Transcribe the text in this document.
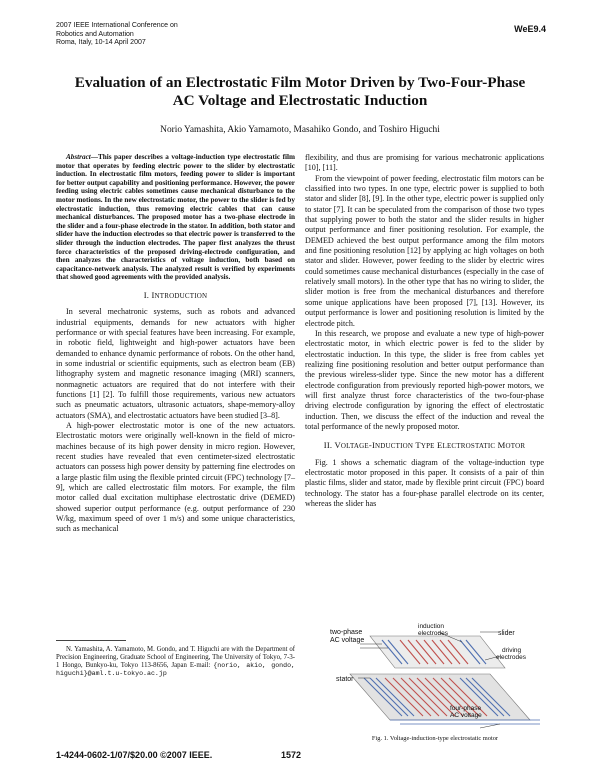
2007 IEEE International Conference on
Robotics and Automation
Roma, Italy, 10-14 April 2007
WeE9.4
Evaluation of an Electrostatic Film Motor Driven by Two-Four-Phase
AC Voltage and Electrostatic Induction
Norio Yamashita, Akio Yamamoto, Masahiko Gondo, and Toshiro Higuchi

Abstract—This paper describes a voltage-induction type electrostatic film motor that operates by feeding electric power to the slider by electrostatic induction. In electrostatic film motors, feeding power to slider is important for better output capability and positioning performance. However, the power feeding using electric cables sometimes cause mechanical disturbance to the motor motions. In the new electrostatic motor, the power to the slider is fed by electrostatic induction, thus removing electric cables that can cause mechanical disturbances. The proposed motor has a two-phase electrode in the slider and a four-phase electrode in the stator. In addition, both stator and slider have the induction electrodes so that electric power is transferred to the slider through the induction electrodes. The paper first analyzes the thrust force characteristics of the proposed driving-electrode configuration, and then analyzes the characteristics of voltage induction, both based on capacitance-network analysis. The analyzed result is verified by experiments that showed good agreements with the provided analysis.

I. INTRODUCTION

In several mechatronic systems, such as robots and advanced industrial equipments, demands for new actuators with higher performance or with special features have been increasing. For example, in robotic field, lightweight and high-power actuators have been demanded to enhance dynamic performance of robots. On the other hand, in some industrial or scientific equipments, such as electron beam (EB) lithography system and magnetic resonance imaging (MRI) scanners, nonmagnetic actuators are required that do not interfere with their functions [1] [2]. To fulfill those requirements, various new actuators such as pneumatic actuators, ultrasonic actuators, shape-memory-alloy actuators (SMA), and electrostatic actuators have been studied [3–8].

A high-power electrostatic motor is one of the new actuators. Electrostatic motors were originally well-known in the field of micro-machines because of its high power density in micro region. However, recent studies have revealed that even centimeter-sized electrostatic actuators can possess high power density by patterning fine electrodes on a large plastic film using the flexible printed circuit (FPC) technology [7–9], which are called electrostatic film motors. For example, the film motor called dual excitation multiphase electrostatic drive (DEMED) showed superior output performance (e.g. output performance of 230 W/kg, maximum speed of over 1 m/s) and some unique characteristics, such as mechanical

N. Yamashita, A. Yamamoto, M. Gondo, and T. Higuchi are with the Department of Precision Engineering, Graduate School of Engineering, The University of Tokyo, 7-3-1 Hongo, Bunkyo-ku, Tokyo 113-8656, Japan E-mail: {norio, akio, gondo, higuchi}@aml.t.u-tokyo.ac.jp

flexibility, and thus are promising for various mechatronic applications [10], [11].

From the viewpoint of power feeding, electrostatic film motors can be classified into two types. In one type, electric power is supplied to both stator and slider [8], [9]. In the other type, electric power is supplied only to stator [7]. It can be speculated from the comparison of those two types that supplying power to both the stator and the slider results in higher output performance and finer positioning resolution. For example, the DEMED achieved the best output performance among the film motors and fine positioning resolution [12] by applying ac high voltages on both stator and slider. However, power feeding to the slider by electric wires could sometimes cause mechanical disturbances (especially in the case of relatively small motors). In the other type that has no wiring to slider, the slider motion is free from the mechanical disturbances and therefore some unique applications have been proposed [7], [13]. However, its output performance is lower and positioning resolution is limited by the electrode pitch.

In this research, we propose and evaluate a new type of high-power electrostatic motor, in which electric power is fed to the slider by electrostatic induction. In this type, the slider is free from cables yet realizing fine positioning resolution and better output performance than the previous wireless-slider type. Since the new motor has a different electrode configuration from previously reported high-power motors, we will first analyze thrust force characteristics of the two-four-phase driving electrode configuration by ignoring the effect of electrostatic induction. Then, we discuss the effect of the induction and reveal the total performance of the newly proposed motor.

II. VOLTAGE-INDUCTION TYPE ELECTROSTATIC MOTOR

Fig. 1 shows a schematic diagram of the voltage-induction type electrostatic motor proposed in this paper. It consists of a pair of thin plastic films, slider and stator, made by flexible print circuit (FPC) board technology. The stator has a four-phase parallel electrode on its center, whereas the slider has

two-phase
AC voltage
induction
electrodes	slider
driving
electrodes
stator
four-phase
AC voltage
Fig. 1. Voltage-induction-type electrostatic motor
1-4244-0602-1/07/$20.00 ©2007 IEEE.	1572
